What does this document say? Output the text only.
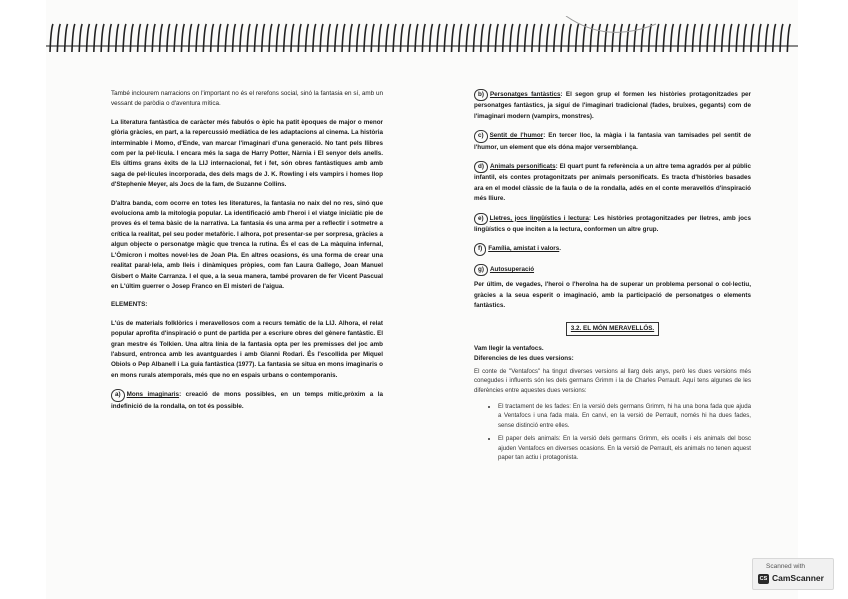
També inclourem narracions on l'important no és el rerefons social, sinó la fantasia en sí, amb un vessant de paròdia o d'aventura mítica.

La literatura fantàstica de caràcter més fabulós o èpic ha patit èpoques de major o menor glòria gràcies, en part, a la repercussió mediàtica de les adaptacions al cinema. La història interminable i Momo, d'Ende, van marcar l'imaginari d'una generació. No tant pels llibres com per la pel·lícula. I encara més la saga de Harry Potter, Nàrnia i El senyor dels anells. Els últims grans èxits de la LIJ internacional, fet i fet, són obres fantàstiques amb amb saga de pel·lícules incorporada, des dels mags de J. K. Rowling i els vampirs i homes llop d'Stephenie Meyer, als Jocs de la fam, de Suzanne Collins.

D'altra banda, com ocorre en totes les literatures, la fantasia no naix del no res, sinó que evoluciona amb la mitologia popular. La identificació amb l'heroi i el viatge iniciàtic pie de proves és el tema bàsic de la narrativa. La fantasia és una arma per a reflectir i sotmetre a crítica la realitat, pel seu poder metafòric. I alhora, pot presentar-se per sorpresa, gràcies a algun objecte o personatge màgic que trenca la rutina. És el cas de La màquina infernal, L'Òmicron i moltes novel·les de Joan Pla. En altres ocasions, és una forma de crear una realitat paral·lela, amb lleis i dinàmiques pròpies, com fan Laura Gallego, Joan Manuel Gisbert o Maite Carranza. I el que, a la seua manera, també provaren de fer Vicent Pascual en L'últim guerrer o Josep Franco en El misteri de l'aigua.

ELEMENTS:

L'ús de materials folklòrics i meravellosos com a recurs temàtic de la LIJ. Alhora, el relat popular aprofita d'inspiració o punt de partida per a escriure obres del gènere fantàstic. El gran mestre és Tolkien. Una altra línia de la fantasia opta per les premisses del joc amb l'absurd, entronca amb les avantguardes i amb Gianni Rodari. És l'escollida per Miquel Obiols o Pep Albanell i La guia fantàstica (1977). La fantasia se situa en mons imaginaris o en mons rurals atemporals, més que no en espais urbans o contemporanis.

a) Mons imaginaris: creació de mons possibles, en un temps mític,pròxim a la indefinició de la rondalla, on tot és possible.

b) Personatges fantàstics: El segon grup el formen les històries protagonitzades per personatges fantàstics, ja siguí de l'imaginari tradicional (fades, bruixes, gegants) com de l'imaginari modern (vampirs, monstres).

c) Sentit de l'humor: En tercer lloc, la màgia i la fantasia van tamisades pel sentit de l'humor, un element que els dóna major versemblança.

d) Animals personificats: El quart punt fa referència a un altre tema agradós per al públic infantil, els contes protagonitzats per animals personificats. Es tracta d'històries basades ara en el model clàssic de la faula o de la rondalla, adés en el conte meravellós d'inspiració més lliure.

e) Lletres, jocs lingüístics i lectura: Les històries protagonitzades per lletres, amb jocs lingüístics o que inciten a la lectura, conformen un altre grup.

f) Família, amistat i valors.

g) Autosuperació

Per últim, de vegades, l'heroi o l'heroïna ha de superar un problema personal o col·lectiu, gràcies a la seua esperit o imaginació, amb la participació de personatges o elements fantàstics.

3.2. EL MÓN MERAVELLÓS.
Vam llegir la ventafocs.
Diferencies de les dues versions:
El conte de "Ventafocs" ha tingut diverses versions al llarg dels anys, però les dues versions més conegudes i influents són les dels germans Grimm i la de Charles Perrault. Aquí tens algunes de les diferències entre aquestes dues versions:
• El tractament de les fades: En la versió dels germans Grimm, hi ha una bona fada que ajuda a Ventafocs i una fada mala. En canvi, en la versió de Perrault, només hi ha dues fades, sense distinció entre elles.
• El paper dels animals: En la versió dels germans Grimm, els ocells i els animals del bosc ajuden Ventafocs en diverses ocasions. En la versió de Perrault, els animals no tenen aquest paper tan actiu i protagonista.
Scanned with
CS CamScanner
